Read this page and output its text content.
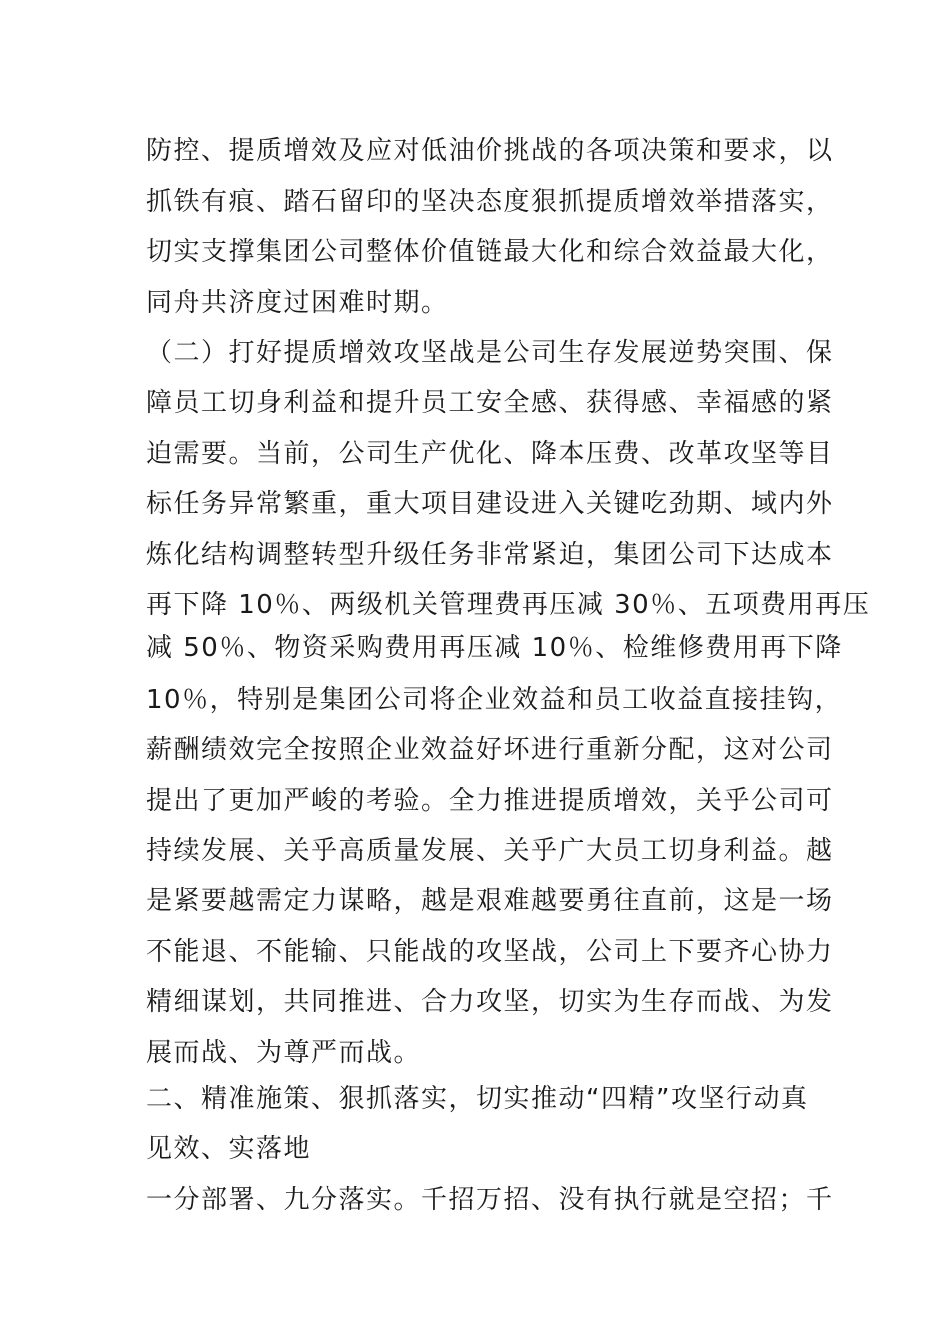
防控、提质增效及应对低油价挑战的各项决策和要求，以
抓铁有痕、踏石留印的坚决态度狠抓提质增效举措落实，
切实支撑集团公司整体价值链最大化和综合效益最大化，
同舟共济度过困难时期。
（二）打好提质增效攻坚战是公司生存发展逆势突围、保
障员工切身利益和提升员工安全感、获得感、幸福感的紧
迫需要。当前，公司生产优化、降本压费、改革攻坚等目
标任务异常繁重，重大项目建设进入关键吃劲期、域内外
炼化结构调整转型升级任务非常紧迫，集团公司下达成本
再下降 10％、两级机关管理费再压减 30％、五项费用再压
减 50％、物资采购费用再压减 10％、检维修费用再下降
10％，特别是集团公司将企业效益和员工收益直接挂钩，
薪酬绩效完全按照企业效益好坏进行重新分配，这对公司
提出了更加严峻的考验。全力推进提质增效，关乎公司可
持续发展、关乎高质量发展、关乎广大员工切身利益。越
是紧要越需定力谋略，越是艰难越要勇往直前，这是一场
不能退、不能输、只能战的攻坚战，公司上下要齐心协力
精细谋划，共同推进、合力攻坚，切实为生存而战、为发
展而战、为尊严而战。
二、精准施策、狠抓落实，切实推动“四精”攻坚行动真
见效、实落地
一分部署、九分落实。千招万招、没有执行就是空招；千
